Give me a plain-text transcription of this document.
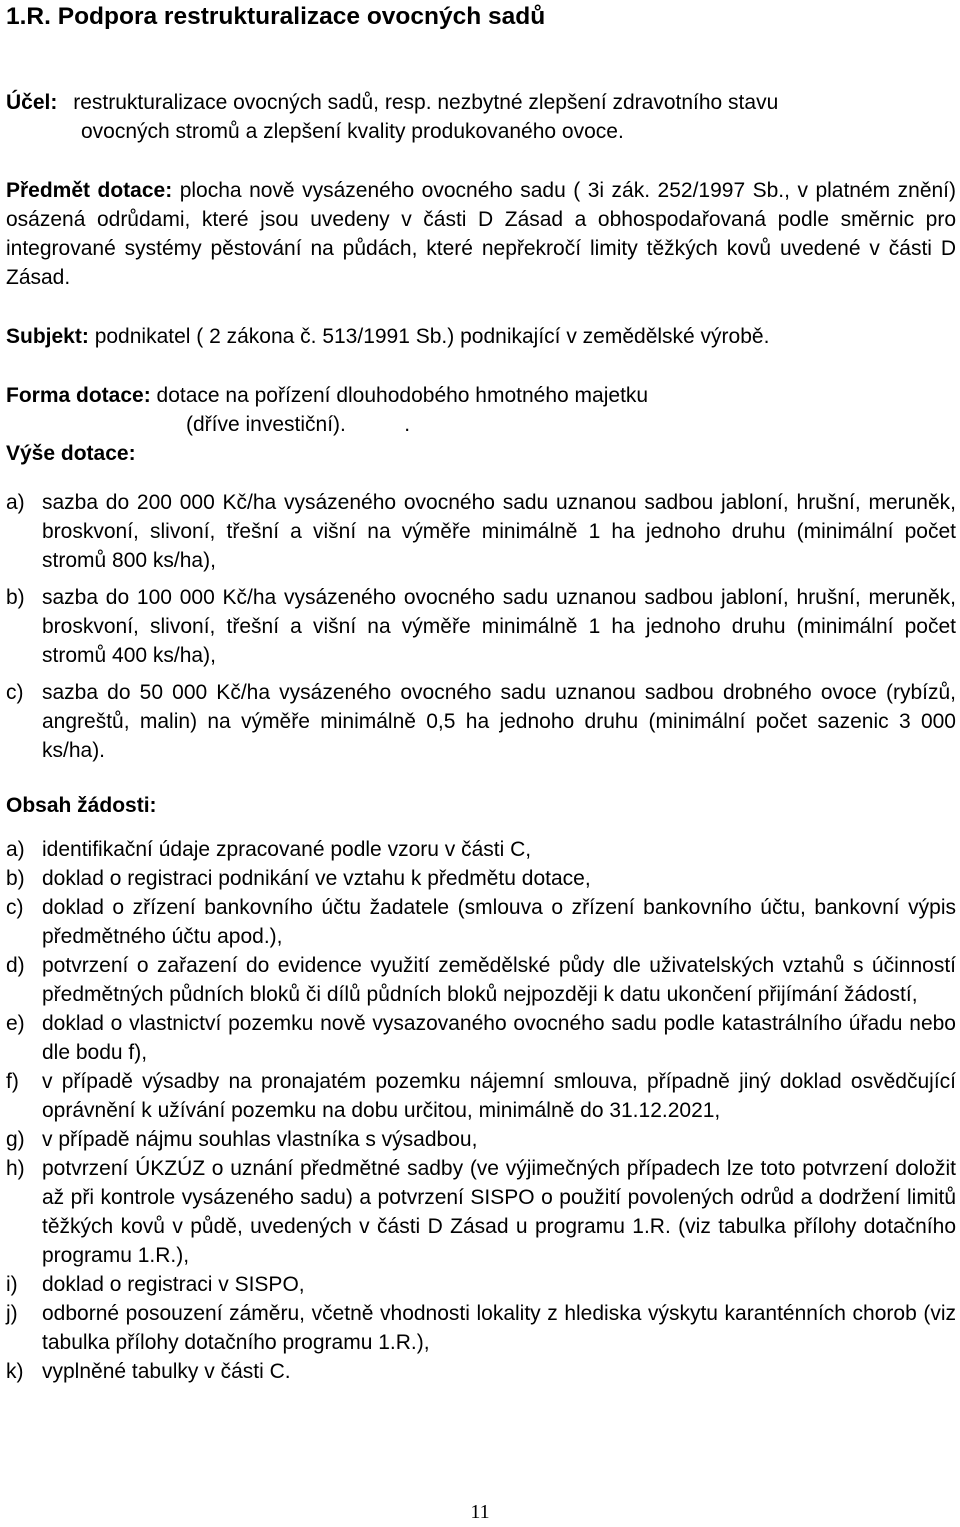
1.R. Podpora restrukturalizace ovocných sadů
Účel: restrukturalizace ovocných sadů, resp. nezbytné zlepšení zdravotního stavu
ovocných stromů a zlepšení kvality produkovaného ovoce.
Předmět dotace: plocha nově vysázeného ovocného sadu ( 3i zák. 252/1997 Sb., v platném znění) osázená odrůdami, které jsou uvedeny v části D Zásad a obhospodařovaná podle směrnic pro integrované systémy pěstování na půdách, které nepřekročí limity těžkých kovů uvedené v části D Zásad.
Subjekt: podnikatel ( 2 zákona č. 513/1991 Sb.) podnikající v zemědělské výrobě.
Forma dotace: dotace na pořízení dlouhodobého hmotného majetku
(dříve investiční).          .
Výše dotace:
a) sazba do 200 000 Kč/ha vysázeného ovocného sadu uznanou sadbou jabloní, hrušní, meruněk, broskvoní, slivoní, třešní a višní na výměře minimálně 1 ha jednoho druhu (minimální počet stromů 800 ks/ha),
b) sazba do 100 000 Kč/ha vysázeného ovocného sadu uznanou sadbou jabloní, hrušní, meruněk, broskvoní, slivoní, třešní a višní na výměře minimálně 1 ha jednoho druhu (minimální počet stromů 400 ks/ha),
c) sazba do 50 000 Kč/ha vysázeného ovocného sadu uznanou sadbou drobného ovoce (rybízů, angreštů, malin) na výměře minimálně 0,5 ha jednoho druhu (minimální počet sazenic 3 000 ks/ha).
Obsah žádosti:
a) identifikační údaje zpracované podle vzoru v části C,
b) doklad o registraci podnikání ve vztahu k předmětu dotace,
c) doklad o zřízení bankovního účtu žadatele (smlouva o zřízení bankovního účtu, bankovní výpis předmětného účtu apod.),
d) potvrzení o zařazení do evidence využití zemědělské půdy dle uživatelských vztahů s účinností předmětných půdních bloků či dílů půdních bloků nejpozději k datu ukončení přijímání žádostí,
e) doklad o vlastnictví pozemku nově vysazovaného ovocného sadu podle katastrálního úřadu nebo dle bodu f),
f) v případě výsadby na pronajatém pozemku nájemní smlouva, případně jiný doklad osvědčující oprávnění k užívání pozemku na dobu určitou, minimálně do 31.12.2021,
g) v případě nájmu souhlas vlastníka s výsadbou,
h) potvrzení ÚKZÚZ o uznání předmětné sadby (ve výjimečných případech lze toto potvrzení doložit až při kontrole vysázeného sadu) a potvrzení SISPO o použití povolených odrůd a dodržení limitů těžkých kovů v půdě, uvedených v části D Zásad u programu 1.R. (viz tabulka přílohy dotačního programu 1.R.),
i) doklad o registraci v SISPO,
j) odborné posouzení záměru, včetně vhodnosti lokality z hlediska výskytu karanténních chorob (viz tabulka přílohy dotačního programu 1.R.),
k) vyplněné tabulky v části C.
11
